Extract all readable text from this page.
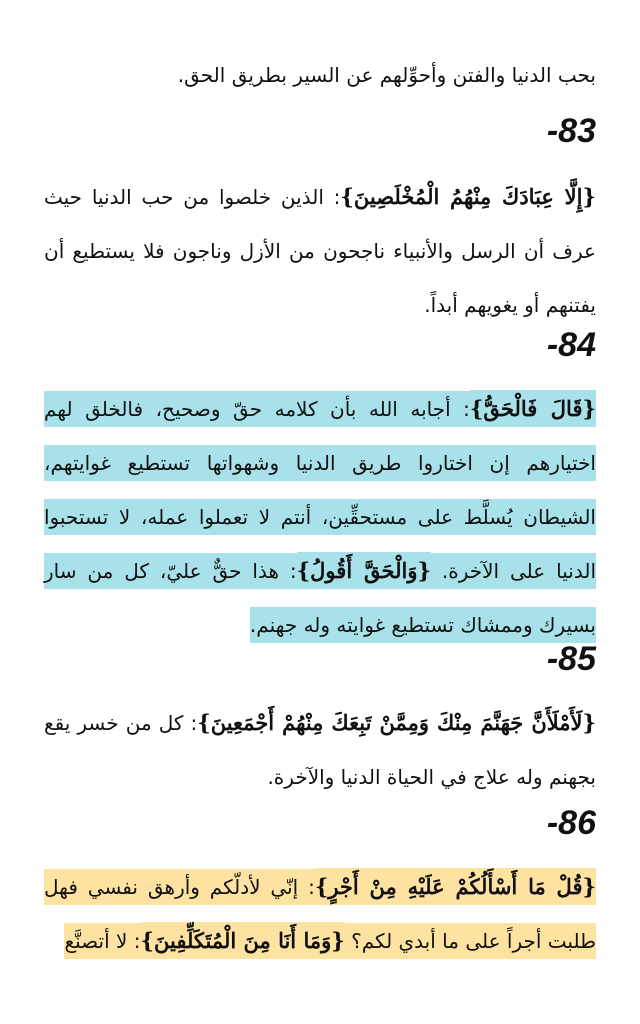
بحب الدنيا والفتن وأحوِّلهم عن السير بطريق الحق.

-83

{إِلَّا عِبَادَكَ مِنْهُمُ الْمُخْلَصِينَ}: الذين خلصوا من حب الدنيا حيث عرف أن الرسل والأنبياء ناجحون من الأزل وناجون فلا يستطيع أن يفتنهم أو يغويهم أبداً.

-84

{قَالَ فَالْحَقُّ}: أجابه الله بأن كلامه حقّ وصحيح، فالخلق لهم اختيارهم إن اختاروا طريق الدنيا وشهواتها تستطيع غوايتهم، الشيطان يُسلَّط على مستحقِّين، أنتم لا تعملوا عمله، لا تستحبوا الدنيا على الآخرة. {وَالْحَقَّ أَقُولُ}: هذا حقٌّ عليّ، كل من سار بسيرك وممشاك تستطيع غوايته وله جهنم.

-85

{لَأَمْلَأَنَّ جَهَنَّمَ مِنْكَ وَمِمَّنْ تَبِعَكَ مِنْهُمْ أَجْمَعِينَ}: كل من خسر يقع بجهنم وله علاج في الحياة الدنيا والآخرة.

-86

{قُلْ مَا أَسْأَلُكُمْ عَلَيْهِ مِنْ أَجْرٍ}: إنّي لأدلّكم وأرهق نفسي فهل طلبت أجراً على ما أبدي لكم؟ {وَمَا أَنَا مِنَ الْمُتَكَلِّفِينَ}: لا أتصنَّع
